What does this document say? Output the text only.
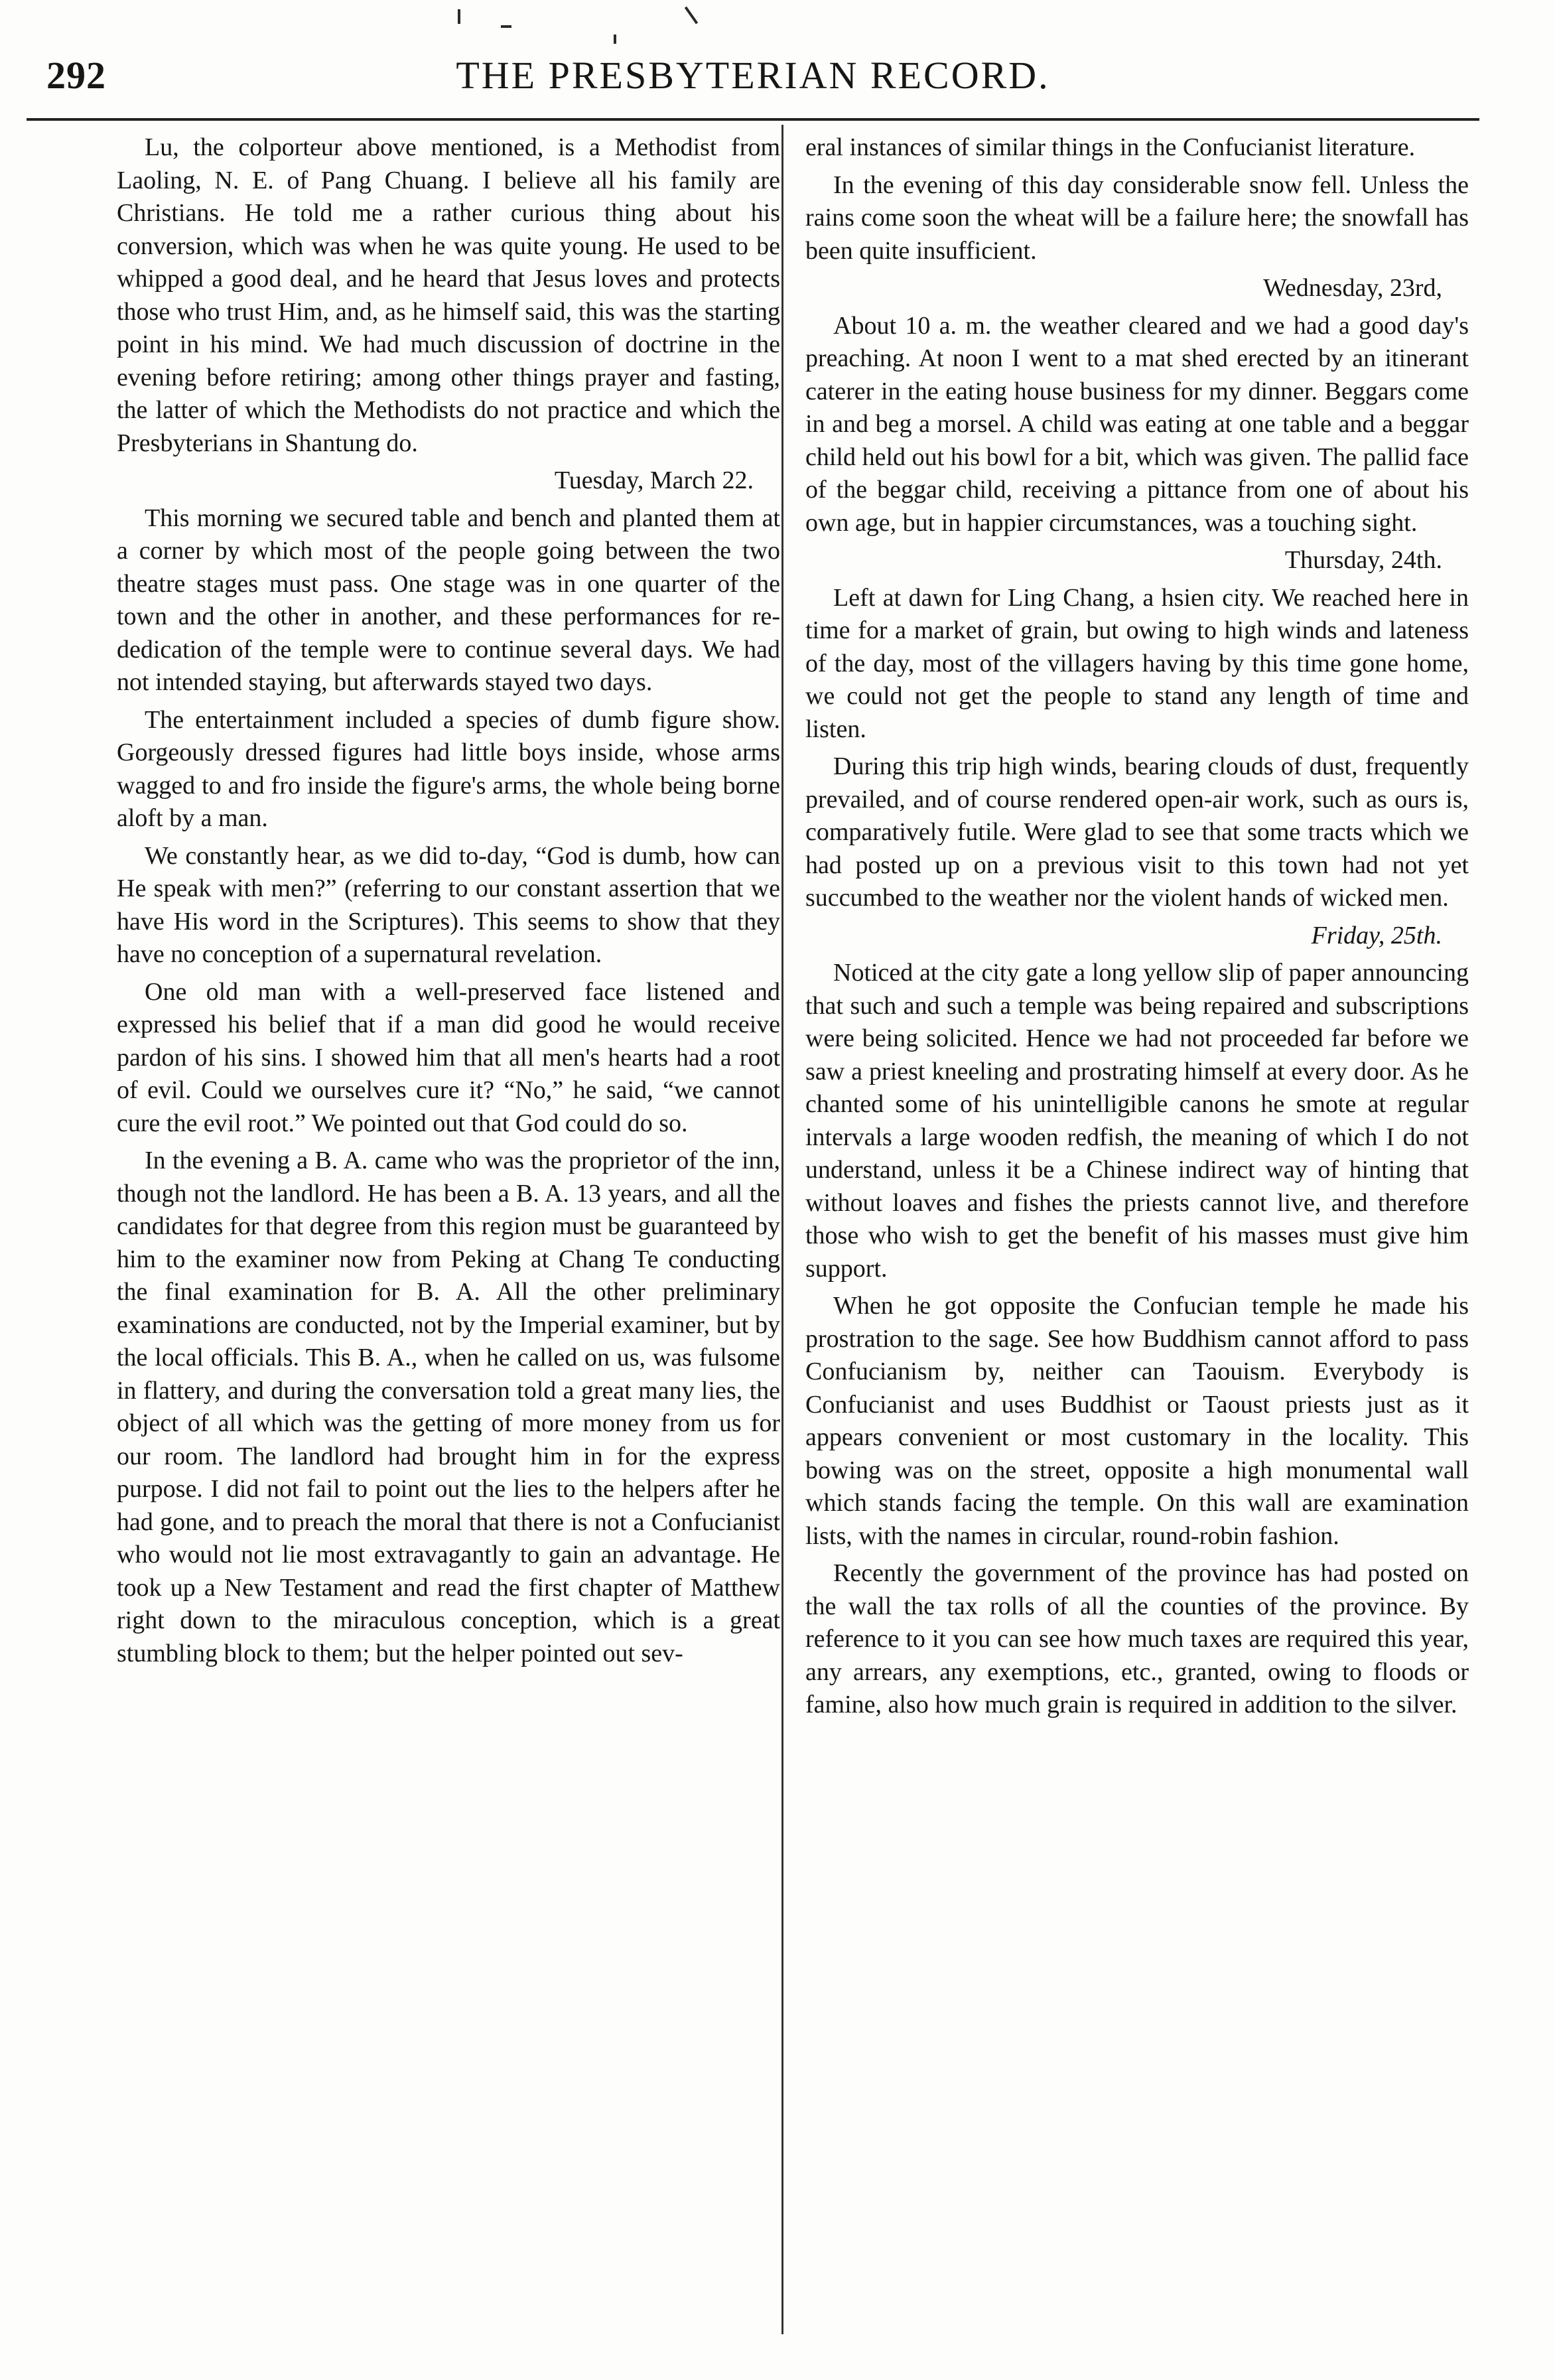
292	THE PRESBYTERIAN RECORD.

Lu, the colporteur above mentioned, is a Methodist from Laoling, N. E. of Pang Chuang. I believe all his family are Christians. He told me a rather curious thing about his conversion, which was when he was quite young. He used to be whipped a good deal, and he heard that Jesus loves and protects those who trust Him, and, as he himself said, this was the starting point in his mind. We had much discussion of doctrine in the evening before retiring; among other things prayer and fasting, the latter of which the Methodists do not practice and which the Presbyterians in Shantung do.

Tuesday, March 22.

This morning we secured table and bench and planted them at a corner by which most of the people going between the two theatre stages must pass. One stage was in one quarter of the town and the other in another, and these performances for re-dedication of the temple were to continue several days. We had not intended staying, but afterwards stayed two days.

The entertainment included a species of dumb figure show. Gorgeously dressed figures had little boys inside, whose arms wagged to and fro inside the figure's arms, the whole being borne aloft by a man.

We constantly hear, as we did to-day, “God is dumb, how can He speak with men?” (referring to our constant assertion that we have His word in the Scriptures). This seems to show that they have no conception of a supernatural revelation.

One old man with a well-preserved face listened and expressed his belief that if a man did good he would receive pardon of his sins. I showed him that all men's hearts had a root of evil. Could we ourselves cure it? “No,” he said, “we cannot cure the evil root.” We pointed out that God could do so.

In the evening a B. A. came who was the proprietor of the inn, though not the landlord. He has been a B. A. 13 years, and all the candidates for that degree from this region must be guaranteed by him to the examiner now from Peking at Chang Te conducting the final examination for B. A. All the other preliminary examinations are conducted, not by the Imperial examiner, but by the local officials. This B. A., when he called on us, was fulsome in flattery, and during the conversation told a great many lies, the object of all which was the getting of more money from us for our room. The landlord had brought him in for the express purpose. I did not fail to point out the lies to the helpers after he had gone, and to preach the moral that there is not a Confucianist who would not lie most extravagantly to gain an advantage. He took up a New Testament and read the first chapter of Matthew right down to the miraculous conception, which is a great stumbling block to them; but the helper pointed out sev-

eral instances of similar things in the Confucianist literature.

In the evening of this day considerable snow fell. Unless the rains come soon the wheat will be a failure here; the snowfall has been quite insufficient.

Wednesday, 23rd,

About 10 a. m. the weather cleared and we had a good day's preaching. At noon I went to a mat shed erected by an itinerant caterer in the eating house business for my dinner. Beggars come in and beg a morsel. A child was eating at one table and a beggar child held out his bowl for a bit, which was given. The pallid face of the beggar child, receiving a pittance from one of about his own age, but in happier circumstances, was a touching sight.

Thursday, 24th.

Left at dawn for Ling Chang, a hsien city. We reached here in time for a market of grain, but owing to high winds and lateness of the day, most of the villagers having by this time gone home, we could not get the people to stand any length of time and listen.

During this trip high winds, bearing clouds of dust, frequently prevailed, and of course rendered open-air work, such as ours is, comparatively futile. Were glad to see that some tracts which we had posted up on a previous visit to this town had not yet succumbed to the weather nor the violent hands of wicked men.

Friday, 25th.

Noticed at the city gate a long yellow slip of paper announcing that such and such a temple was being repaired and subscriptions were being solicited. Hence we had not proceeded far before we saw a priest kneeling and prostrating himself at every door. As he chanted some of his unintelligible canons he smote at regular intervals a large wooden redfish, the meaning of which I do not understand, unless it be a Chinese indirect way of hinting that without loaves and fishes the priests cannot live, and therefore those who wish to get the benefit of his masses must give him support.

When he got opposite the Confucian temple he made his prostration to the sage. See how Buddhism cannot afford to pass Confucianism by, neither can Taouism. Everybody is Confucianist and uses Buddhist or Taoust priests just as it appears convenient or most customary in the locality. This bowing was on the street, opposite a high monumental wall which stands facing the temple. On this wall are examination lists, with the names in circular, round-robin fashion.

Recently the government of the province has had posted on the wall the tax rolls of all the counties of the province. By reference to it you can see how much taxes are required this year, any arrears, any exemptions, etc., granted, owing to floods or famine, also how much grain is required in addition to the silver.
